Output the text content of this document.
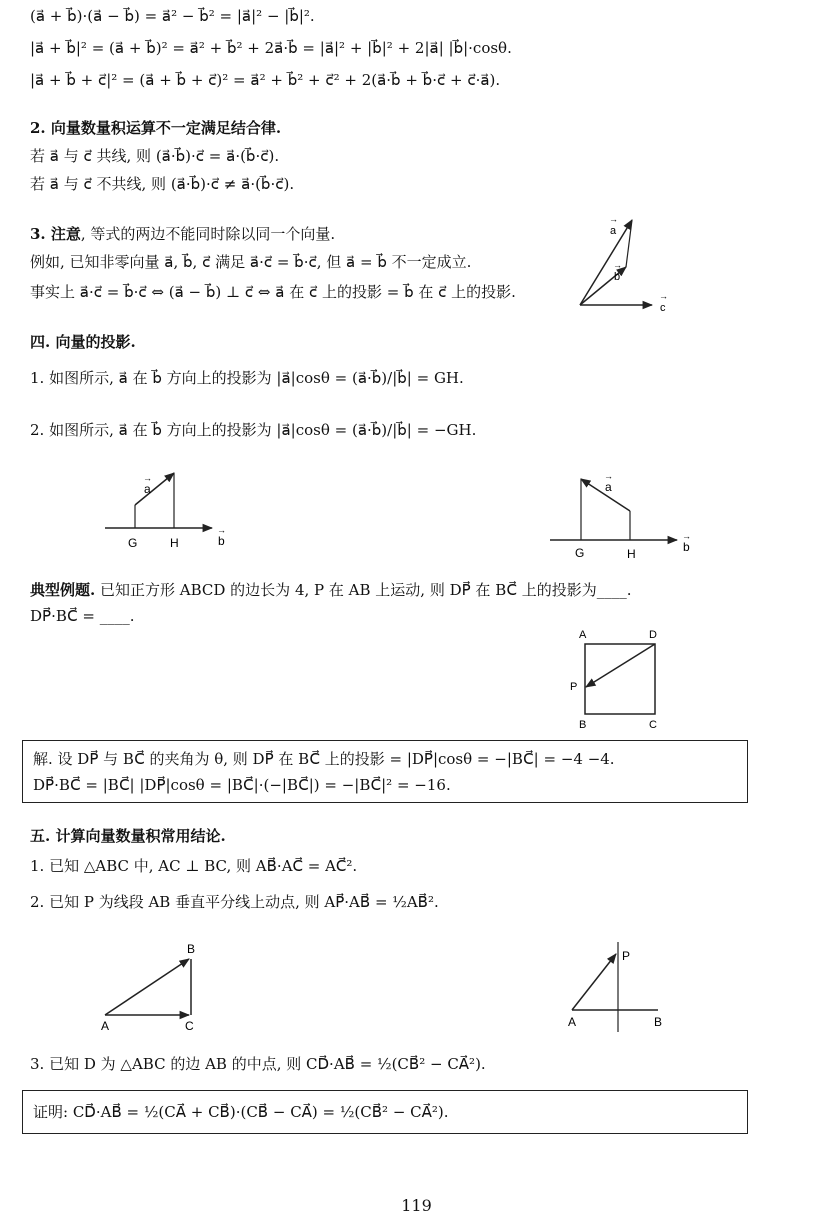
(a⃗ + b⃗)·(a⃗ − b⃗) = a⃗² − b⃗² = |a⃗|² − |b⃗|².
|a⃗ + b⃗|² = (a⃗ + b⃗)² = a⃗² + b⃗² + 2a⃗·b⃗ = |a⃗|² + |b⃗|² + 2|a⃗| |b⃗|·cosθ.
|a⃗ + b⃗ + c⃗|² = (a⃗ + b⃗ + c⃗)² = a⃗² + b⃗² + c⃗² + 2(a⃗·b⃗ + b⃗·c⃗ + c⃗·a⃗).
2. 向量数量积运算不一定满足结合律.
若 a⃗ 与 c⃗ 共线, 则 (a⃗·b⃗)·c⃗ = a⃗·(b⃗·c⃗).
若 a⃗ 与 c⃗ 不共线, 则 (a⃗·b⃗)·c⃗ ≠ a⃗·(b⃗·c⃗).
3. 注意, 等式的两边不能同时除以同一个向量.
例如, 已知非零向量 a⃗, b⃗, c⃗ 满足 a⃗·c⃗ = b⃗·c⃗, 但 a⃗ = b⃗ 不一定成立.
事实上 a⃗·c⃗ = b⃗·c⃗ ⇔ (a⃗ − b⃗) ⊥ c⃗ ⇔ a⃗ 在 c⃗ 上的投影 = b⃗ 在 c⃗ 上的投影.
a
→
b
→
c
→
四. 向量的投影.
1. 如图所示, a⃗ 在 b⃗ 方向上的投影为 |a⃗|cosθ = (a⃗·b⃗)/|b⃗| = GH.
2. 如图所示, a⃗ 在 b⃗ 方向上的投影为 |a⃗|cosθ = (a⃗·b⃗)/|b⃗| = −GH.
G	H
a
→
b
→
G	H
a
→
b
→
典型例题. 已知正方形 ABCD 的边长为 4, P 在 AB 上运动, 则 DP⃗ 在 BC⃗ 上的投影为____.
DP⃗·BC⃗ = ____.
A	D
P
B	C
解. 设 DP⃗ 与 BC⃗ 的夹角为 θ, 则 DP⃗ 在 BC⃗ 上的投影 = |DP⃗|cosθ = −|BC⃗| = −4 −4.
DP⃗·BC⃗ = |BC⃗| |DP⃗|cosθ = |BC⃗|·(−|BC⃗|) = −|BC⃗|² = −16.
五. 计算向量数量积常用结论.
1. 已知 △ABC 中, AC ⊥ BC, 则 AB⃗·AC⃗ = AC⃗².
2. 已知 P 为线段 AB 垂直平分线上动点, 则 AP⃗·AB⃗ = ½AB⃗².
A
B
C	A	B
P
3. 已知 D 为 △ABC 的边 AB 的中点, 则 CD⃗·AB⃗ = ½(CB⃗² − CA⃗²).
证明: CD⃗·AB⃗ = ½(CA⃗ + CB⃗)·(CB⃗ − CA⃗) = ½(CB⃗² − CA⃗²).
119
